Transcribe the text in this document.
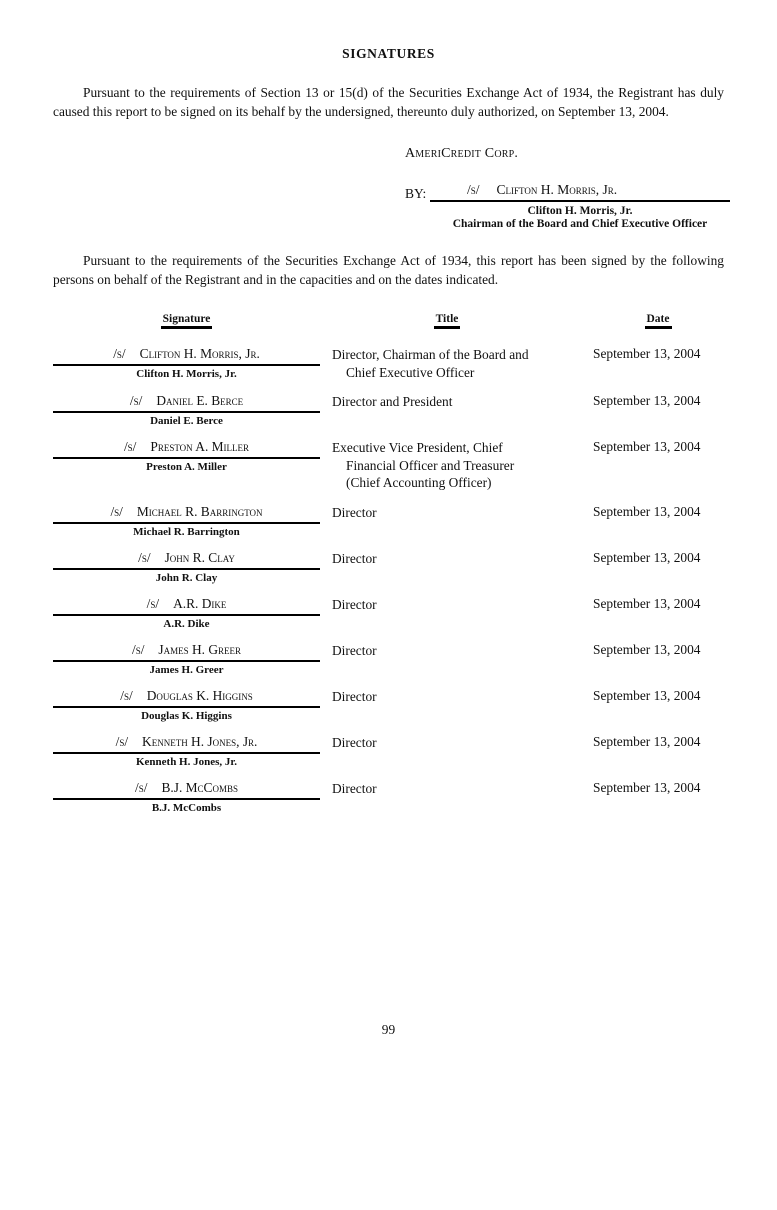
SIGNATURES

Pursuant to the requirements of Section 13 or 15(d) of the Securities Exchange Act of 1934, the Registrant has duly caused this report to be signed on its behalf by the undersigned, thereunto duly authorized, on September 13, 2004.

AmeriCredit Corp.
BY:	/s/ Clifton H. Morris, Jr.
Clifton H. Morris, Jr.
Chairman of the Board and Chief Executive Officer

Pursuant to the requirements of the Securities Exchange Act of 1934, this report has been signed by the following persons on behalf of the Registrant and in the capacities and on the dates indicated.

Signature	Title	Date
/s/ Clifton H. Morris, Jr.
Clifton H. Morris, Jr.
Director, Chairman of the Board and
Chief Executive Officer
September 13, 2004
/s/ Daniel E. Berce
Daniel E. Berce
Director and President	September 13, 2004
/s/ Preston A. Miller
Preston A. Miller
Executive Vice President, Chief
Financial Officer and Treasurer
(Chief Accounting Officer)
September 13, 2004
/s/ Michael R. Barrington
Michael R. Barrington
Director	September 13, 2004
/s/ John R. Clay
John R. Clay
Director	September 13, 2004
/s/ A.R. Dike
A.R. Dike
Director	September 13, 2004
/s/ James H. Greer
James H. Greer
Director	September 13, 2004
/s/ Douglas K. Higgins
Douglas K. Higgins
Director	September 13, 2004
/s/ Kenneth H. Jones, Jr.
Kenneth H. Jones, Jr.
Director	September 13, 2004
/s/ B.J. McCombs
B.J. McCombs
Director	September 13, 2004
99
